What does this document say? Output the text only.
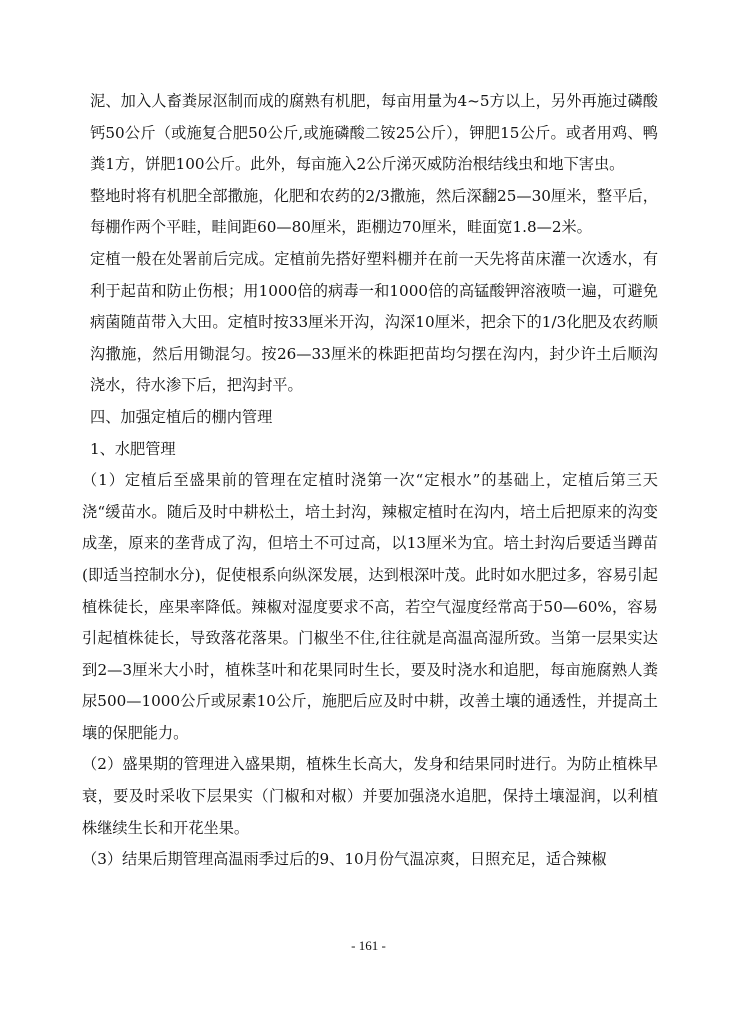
泥、加入人畜粪尿沤制而成的腐熟有机肥，每亩用量为4~5方以上，另外再施过磷酸钙50公斤（或施复合肥50公斤,或施磷酸二铵25公斤），钾肥15公斤。或者用鸡、鸭粪1方，饼肥100公斤。此外，每亩施入2公斤涕灭威防治根结线虫和地下害虫。

整地时将有机肥全部撒施，化肥和农药的2/3撒施，然后深翻25—30厘米，整平后，每棚作两个平畦，畦间距60—80厘米，距棚边70厘米，畦面宽1.8—2米。

定植一般在处署前后完成。定植前先搭好塑料棚并在前一天先将苗床灌一次透水，有利于起苗和防止伤根；用1000倍的病毒一和1000倍的高锰酸钾溶液喷一遍，可避免病菌随苗带入大田。定植时按33厘米开沟，沟深10厘米，把余下的1/3化肥及农药顺沟撒施，然后用锄混匀。按26—33厘米的株距把苗均匀摆在沟内，封少许土后顺沟浇水，待水渗下后，把沟封平。

四、加强定植后的棚内管理

1、水肥管理

（1）定植后至盛果前的管理在定植时浇第一次“定根水”的基础上，定植后第三天浇“缓苗水。随后及时中耕松土，培土封沟，辣椒定植时在沟内，培土后把原来的沟变成垄，原来的垄背成了沟，但培土不可过高，以13厘米为宜。培土封沟后要适当蹲苗(即适当控制水分)，促使根系向纵深发展，达到根深叶茂。此时如水肥过多，容易引起植株徒长，座果率降低。辣椒对湿度要求不高，若空气湿度经常高于50—60%，容易引起植株徒长，导致落花落果。门椒坐不住,往往就是高温高湿所致。当第一层果实达到2—3厘米大小时，植株茎叶和花果同时生长，要及时浇水和追肥，每亩施腐熟人粪尿500—1000公斤或尿素10公斤，施肥后应及时中耕，改善土壤的通透性，并提高土壤的保肥能力。

（2）盛果期的管理进入盛果期，植株生长高大，发身和结果同时进行。为防止植株早衰，要及时采收下层果实（门椒和对椒）并要加强浇水追肥，保持土壤湿润，以利植株继续生长和开花坐果。

（3）结果后期管理高温雨季过后的9、10月份气温凉爽，日照充足，适合辣椒

- 161 -
